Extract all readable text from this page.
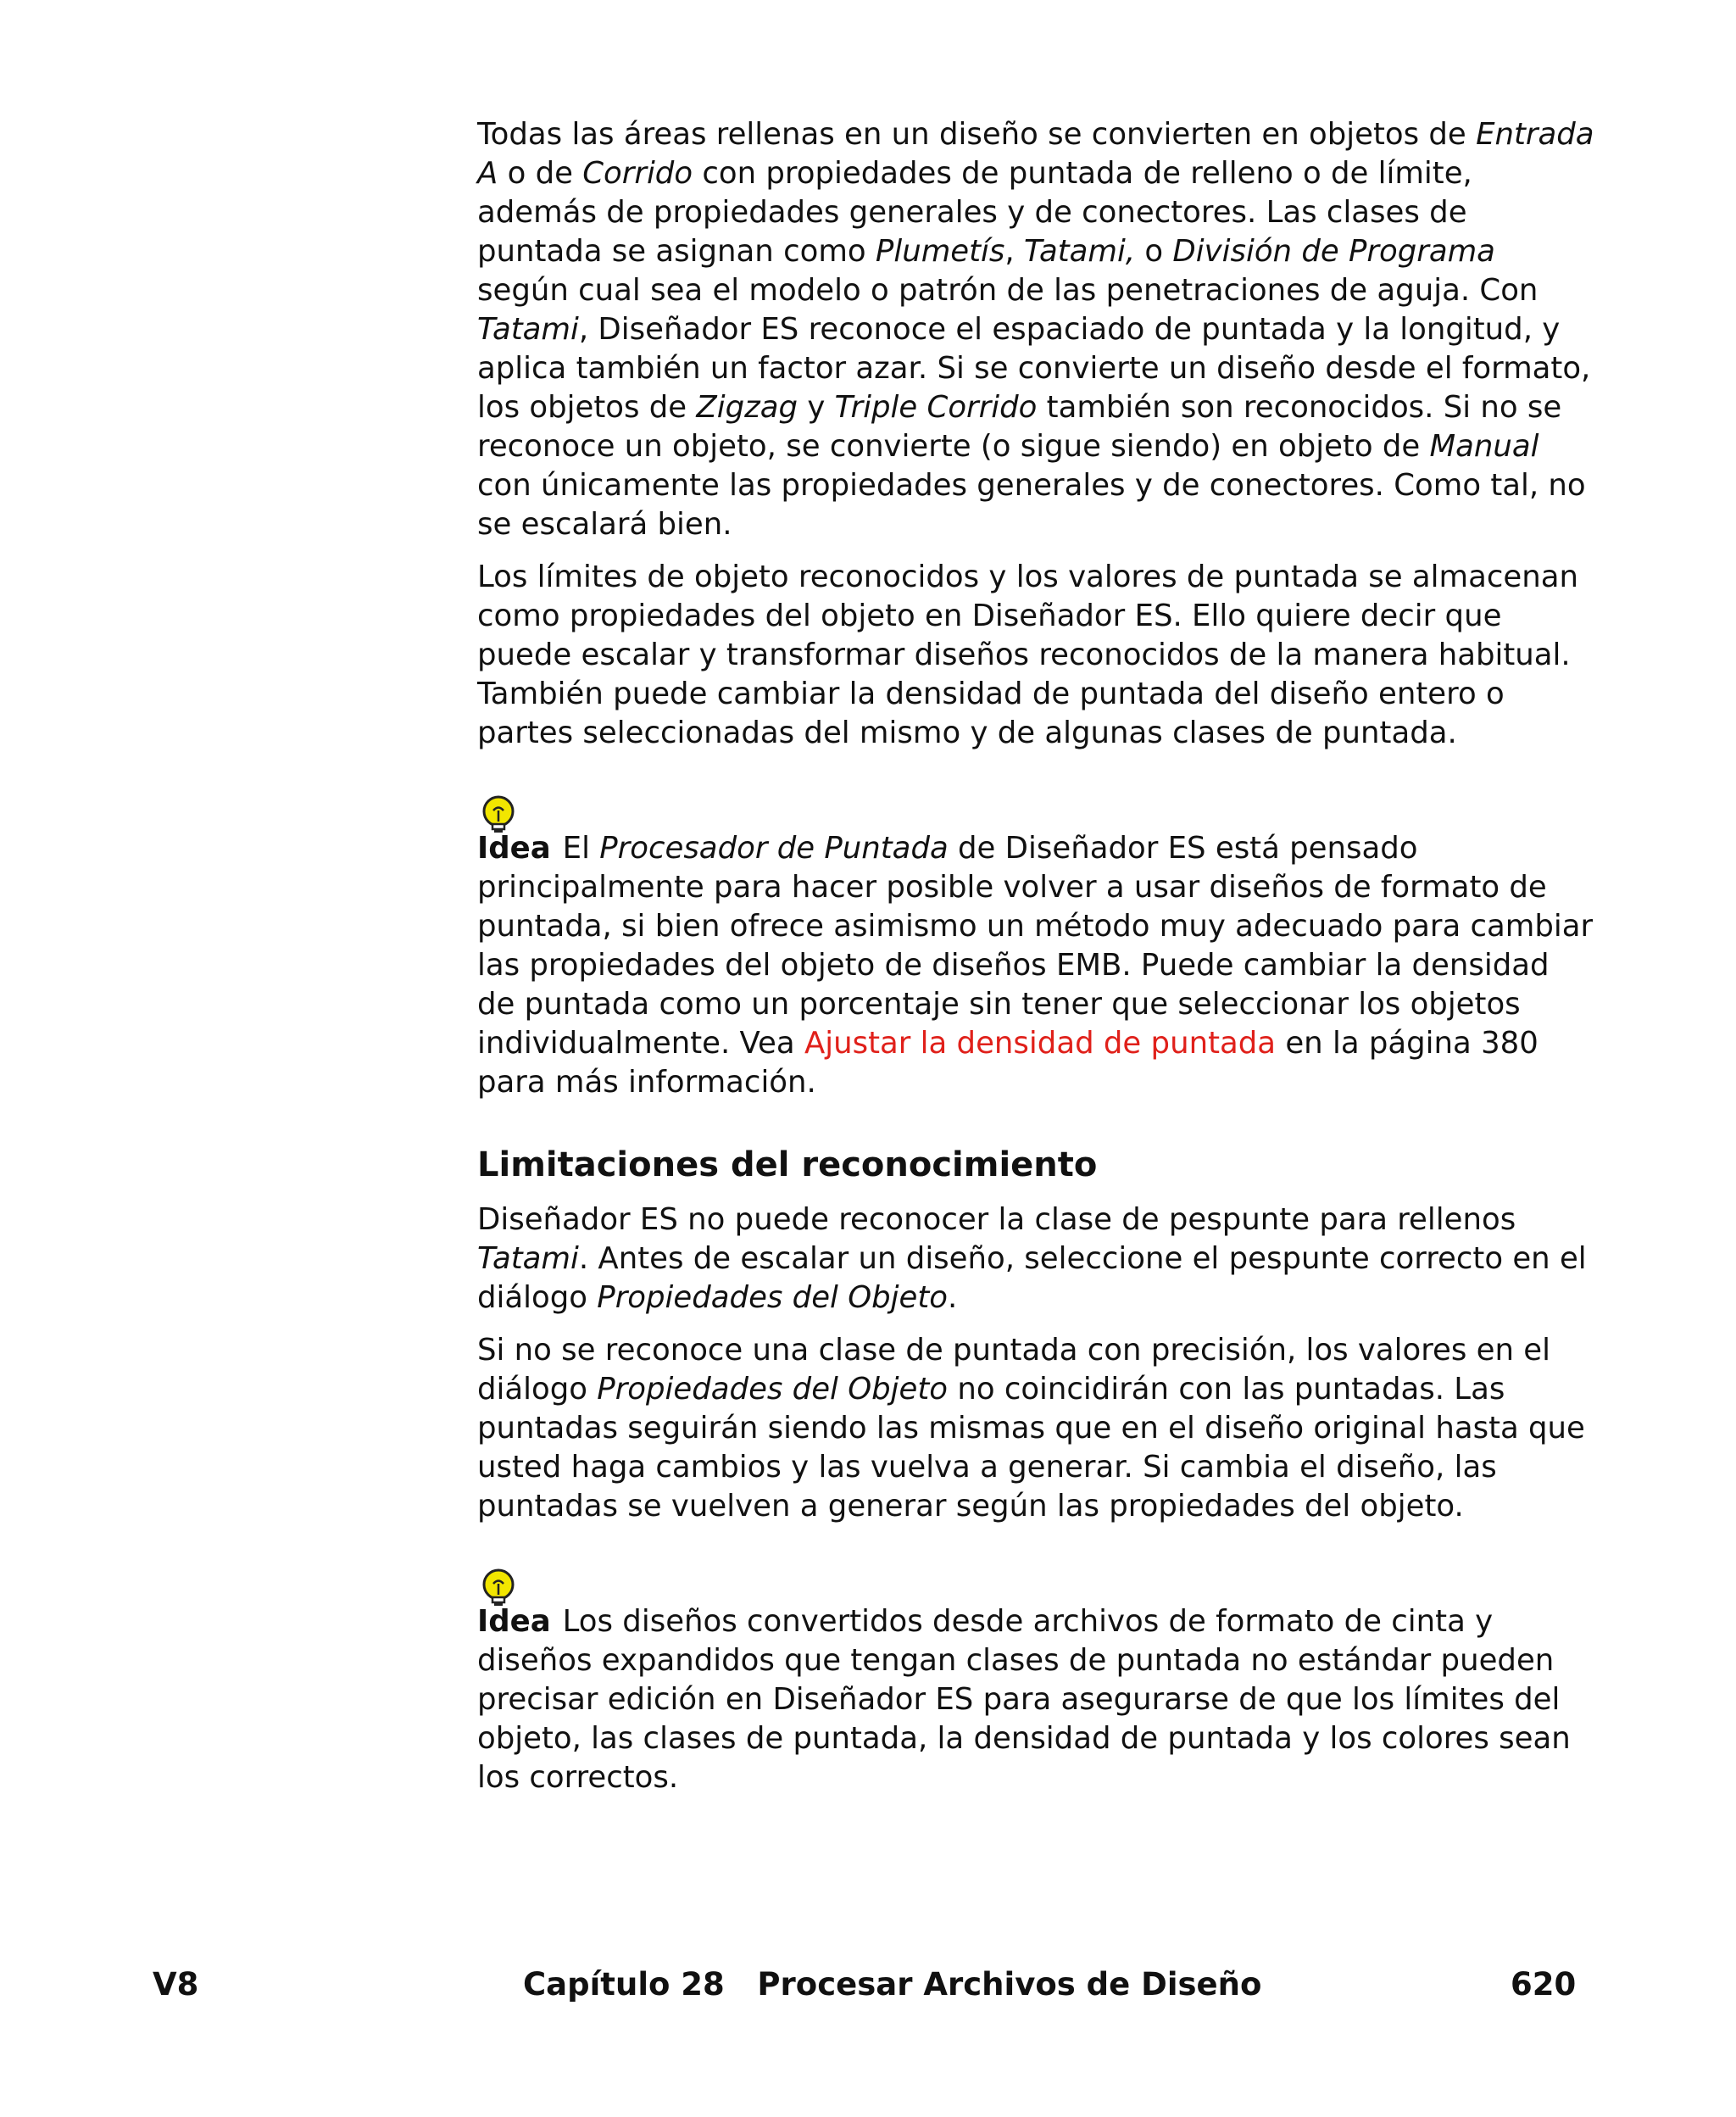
Todas las áreas rellenas en un diseño se convierten en objetos de Entrada A o de Corrido con propiedades de puntada de relleno o de límite, además de propiedades generales y de conectores. Las clases de puntada se asignan como Plumetís, Tatami, o División de Programa según cual sea el modelo o patrón de las penetraciones de aguja. Con Tatami, Diseñador ES reconoce el espaciado de puntada y la longitud, y aplica también un factor azar. Si se convierte un diseño desde el formato, los objetos de Zigzag y Triple Corrido también son reconocidos. Si no se reconoce un objeto, se convierte (o sigue siendo) en objeto de Manual con únicamente las propiedades generales y de conectores. Como tal, no se escalará bien.

Los límites de objeto reconocidos y los valores de puntada se almacenan como propiedades del objeto en Diseñador ES. Ello quiere decir que puede escalar y transformar diseños reconocidos de la manera habitual. También puede cambiar la densidad de puntada del diseño entero o partes seleccionadas del mismo y de algunas clases de puntada.

Idea El Procesador de Puntada de Diseñador ES está pensado principalmente para hacer posible volver a usar diseños de formato de puntada, si bien ofrece asimismo un método muy adecuado para cambiar las propiedades del objeto de diseños EMB. Puede cambiar la densidad de puntada como un porcentaje sin tener que seleccionar los objetos individualmente. Vea Ajustar la densidad de puntada en la página 380 para más información.

Limitaciones del reconocimiento

Diseñador ES no puede reconocer la clase de pespunte para rellenos Tatami. Antes de escalar un diseño, seleccione el pespunte correcto en el diálogo Propiedades del Objeto.

Si no se reconoce una clase de puntada con precisión, los valores en el diálogo Propiedades del Objeto no coincidirán con las puntadas. Las puntadas seguirán siendo las mismas que en el diseño original hasta que usted haga cambios y las vuelva a generar. Si cambia el diseño, las puntadas se vuelven a generar según las propiedades del objeto.

Idea Los diseños convertidos desde archivos de formato de cinta y diseños expandidos que tengan clases de puntada no estándar pueden precisar edición en Diseñador ES para asegurarse de que los límites del objeto, las clases de puntada, la densidad de puntada y los colores sean los correctos.

V8	Capítulo 28   Procesar Archivos de Diseño	620
